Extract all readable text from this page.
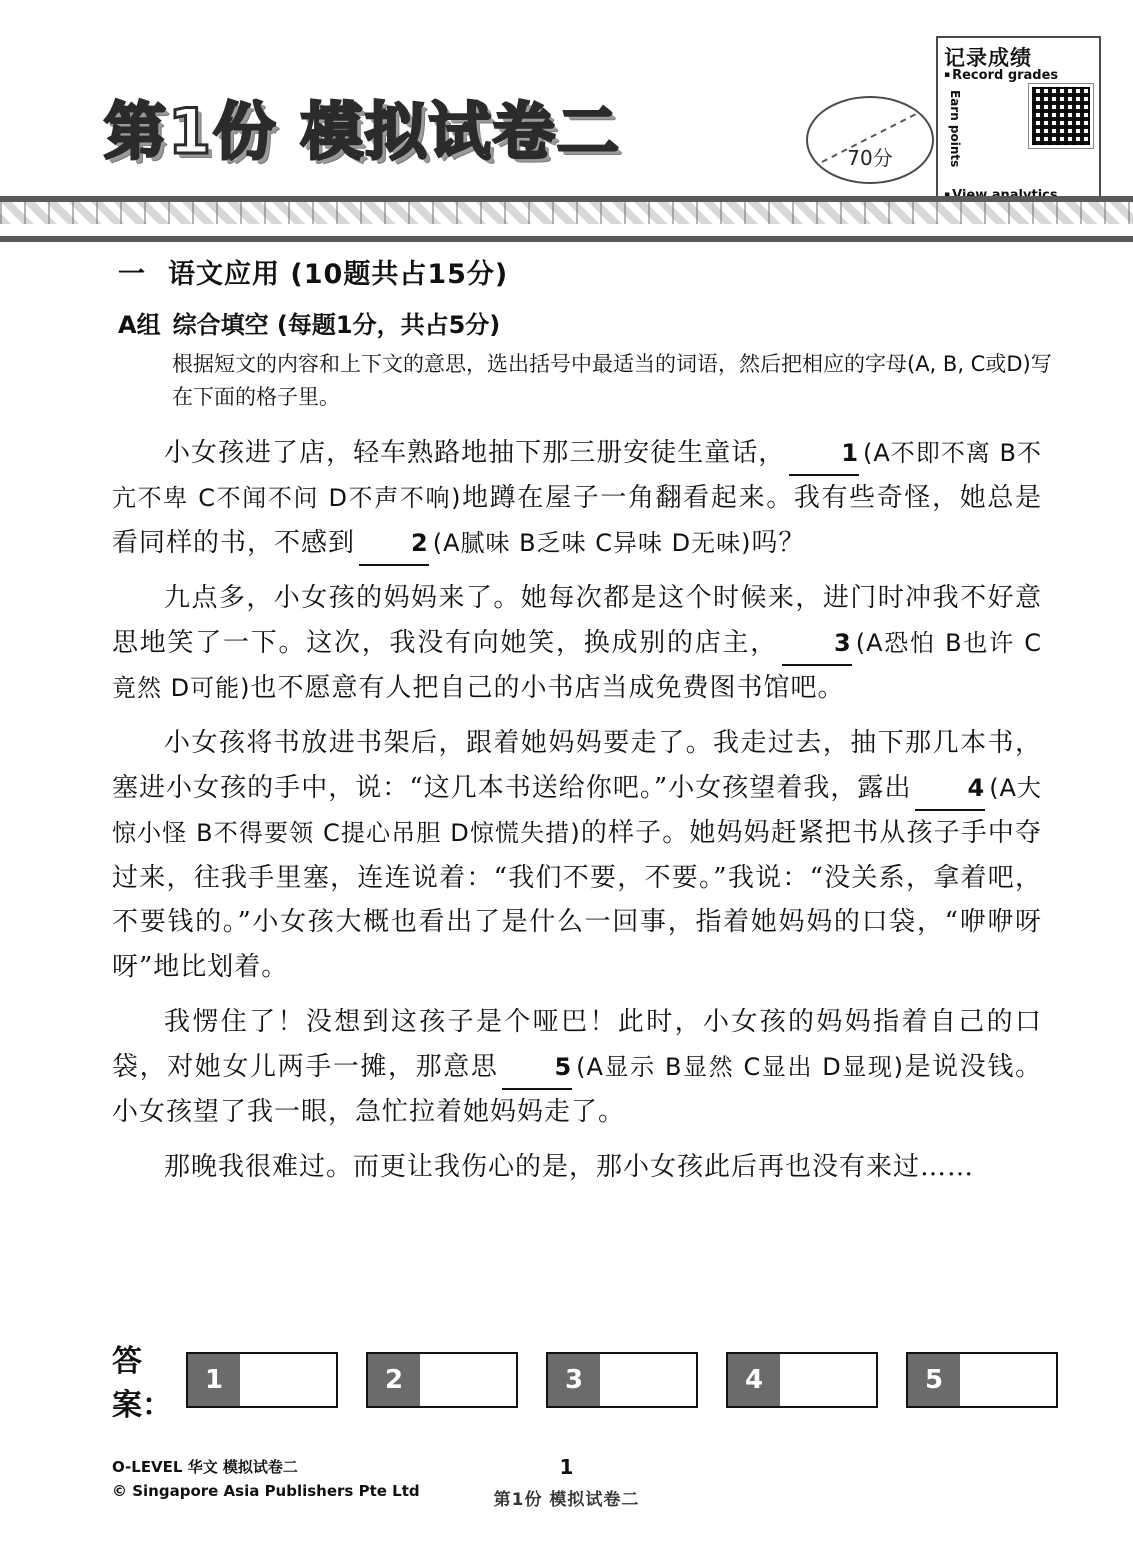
第1份 模拟试卷二	70分
记录成绩
▪ Record grades
Earn points
▪
一 语文应用 (10题共占15分)
A组 综合填空 (每题1分，共占5分)
根据短文的内容和上下文的意思，选出括号中最适当的词语，然后把相应的字母(A, B, C或D)写在下面的格子里。
小女孩进了店，轻车熟路地抽下那三册安徒生童话， 1 (A不即不离 B不亢不卑 C不闻不问 D不声不响)地蹲在屋子一角翻看起来。我有些奇怪，她总是看同样的书，不感到 2 (A腻味 B乏味 C异味 D无味)吗？
九点多，小女孩的妈妈来了。她每次都是这个时候来，进门时冲我不好意思地笑了一下。这次，我没有向她笑，换成别的店主， 3 (A恐怕 B也许 C竟然 D可能)也不愿意有人把自己的小书店当成免费图书馆吧。
小女孩将书放进书架后，跟着她妈妈要走了。我走过去，抽下那几本书，塞进小女孩的手中，说：“这几本书送给你吧。”小女孩望着我，露出 4 (A大惊小怪 B不得要领 C提心吊胆 D惊慌失措)的样子。她妈妈赶紧把书从孩子手中夺过来，往我手里塞，连连说着：“我们不要，不要。”我说：“没关系，拿着吧，不要钱的。”小女孩大概也看出了是什么一回事，指着她妈妈的口袋，“咿咿呀呀”地比划着。
我愣住了！没想到这孩子是个哑巴！此时，小女孩的妈妈指着自己的口袋，对她女儿两手一摊，那意思 5 (A显示 B显然 C显出 D显现)是说没钱。小女孩望了我一眼，急忙拉着她妈妈走了。
那晚我很难过。而更让我伤心的是，那小女孩此后再也没有来过……
答案：
1	2	3	4	5
O-LEVEL 华文 模拟试卷二
© Singapore Asia Publishers Pte Ltd
1
第1份 模拟试卷二
